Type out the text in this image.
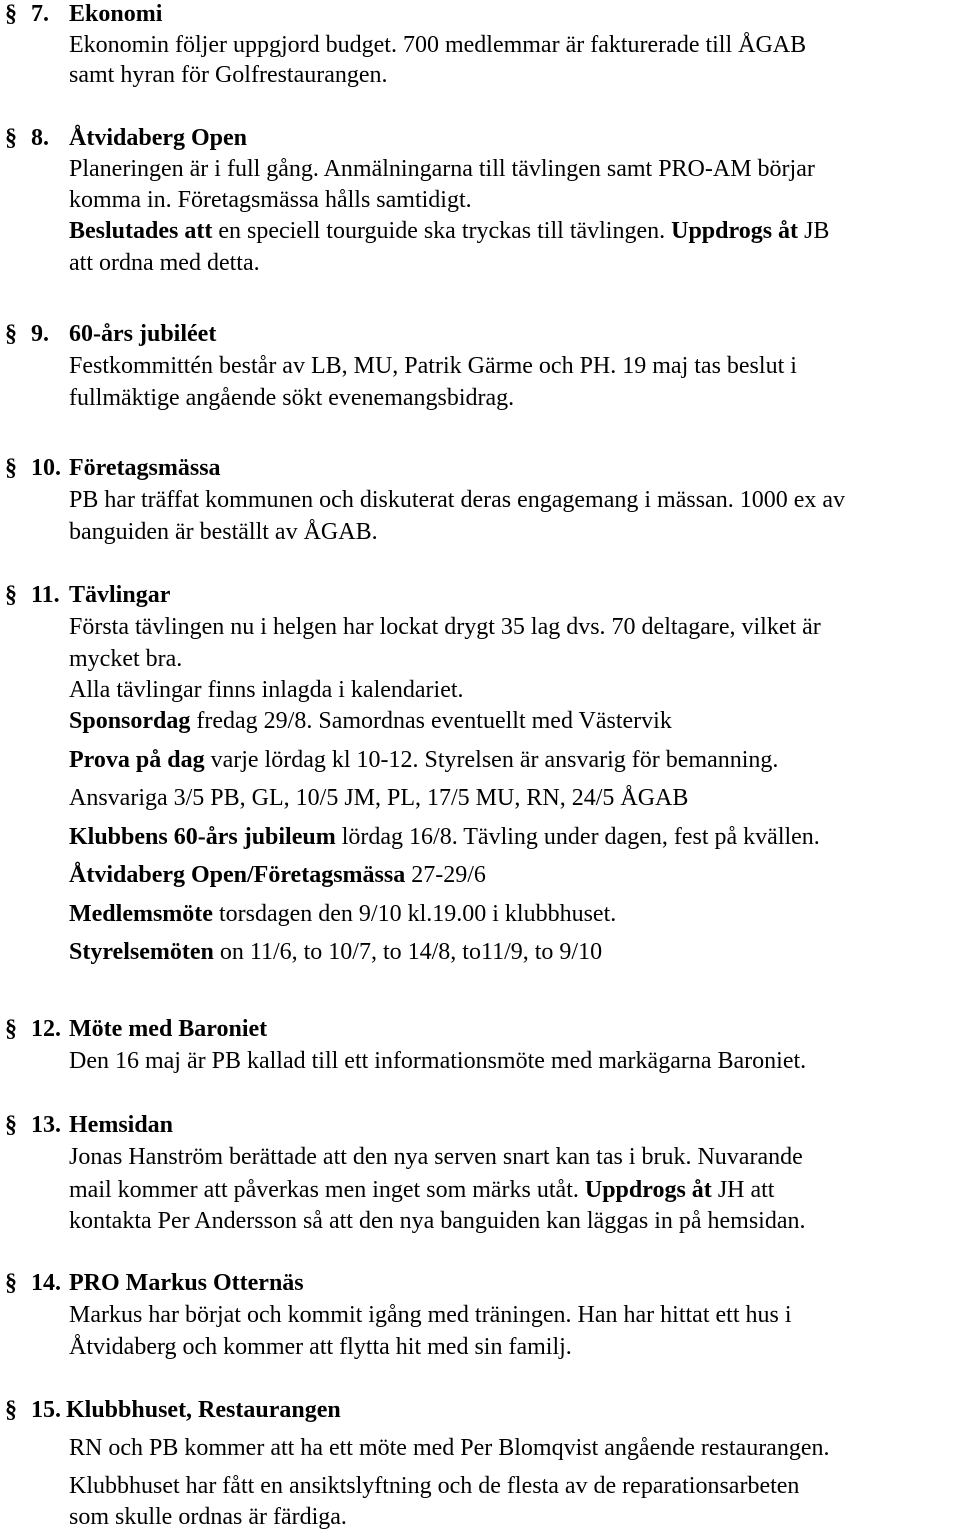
§ 7. Ekonomi
Ekonomin följer uppgjord budget. 700 medlemmar är fakturerade till ÅGAB
samt hyran för Golfrestaurangen.
§ 8. Åtvidaberg Open
Planeringen är i full gång. Anmälningarna till tävlingen samt PRO-AM börjar
komma in. Företagsmässa hålls samtidigt.
Beslutades att en speciell tourguide ska tryckas till tävlingen. Uppdrogs åt JB
att ordna med detta.
§ 9. 60-års jubiléet
Festkommittén består av LB, MU, Patrik Gärme och PH. 19 maj tas beslut i
fullmäktige angående sökt evenemangsbidrag.
§ 10. Företagsmässa
PB har träffat kommunen och diskuterat deras engagemang i mässan. 1000 ex av
banguiden är beställt av ÅGAB.
§ 11. Tävlingar
Första tävlingen nu i helgen har lockat drygt 35 lag dvs. 70 deltagare, vilket är
mycket bra.
Alla tävlingar finns inlagda i kalendariet.
Sponsordag fredag 29/8. Samordnas eventuellt med Västervik
Prova på dag varje lördag kl 10-12. Styrelsen är ansvarig för bemanning.
Ansvariga 3/5 PB, GL, 10/5 JM, PL, 17/5 MU, RN, 24/5 ÅGAB
Klubbens 60-års jubileum lördag 16/8. Tävling under dagen, fest på kvällen.
Åtvidaberg Open/Företagsmässa 27-29/6
Medlemsmöte torsdagen den 9/10 kl.19.00 i klubbhuset.
Styrelsemöten on 11/6, to 10/7, to 14/8, to11/9, to 9/10
§ 12. Möte med Baroniet
Den 16 maj är PB kallad till ett informationsmöte med markägarna Baroniet.
§ 13. Hemsidan
Jonas Hanström berättade att den nya serven snart kan tas i bruk. Nuvarande
mail kommer att påverkas men inget som märks utåt. Uppdrogs åt JH att
kontakta Per Andersson så att den nya banguiden kan läggas in på hemsidan.
§ 14. PRO Markus Otternäs
Markus har börjat och kommit igång med träningen. Han har hittat ett hus i
Åtvidaberg och kommer att flytta hit med sin familj.
§ 15. Klubbhuset, Restaurangen
RN och PB kommer att ha ett möte med Per Blomqvist angående restaurangen.
Klubbhuset har fått en ansiktslyftning och de flesta av de reparationsarbeten
som skulle ordnas är färdiga.
